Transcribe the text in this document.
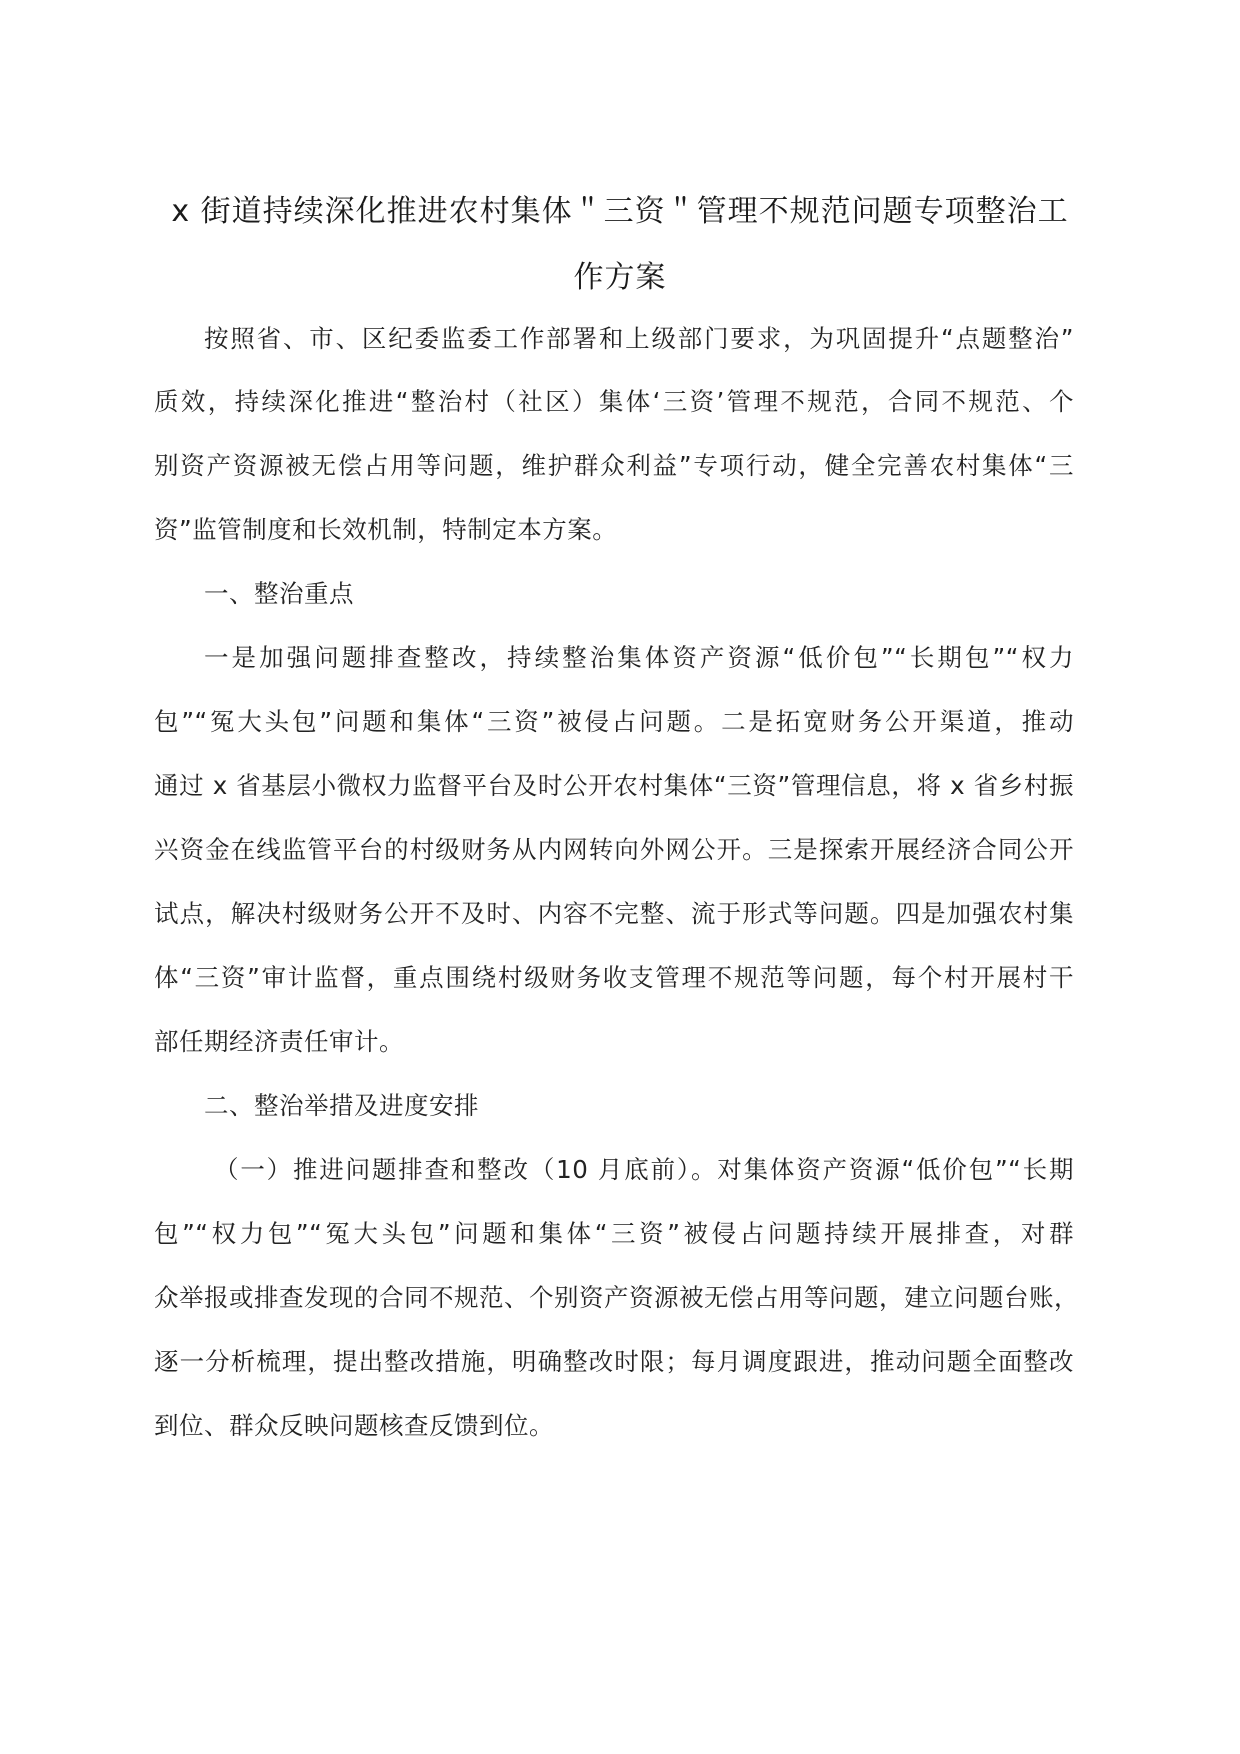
x 街道持续深化推进农村集体＂三资＂管理不规范问题专项整治工
作方案
按照省、市、区纪委监委工作部署和上级部门要求，为巩固提升“点题整治”
质效，持续深化推进“整治村（社区）集体‘三资’管理不规范，合同不规范、个
别资产资源被无偿占用等问题，维护群众利益”专项行动，健全完善农村集体“三
资”监管制度和长效机制，特制定本方案。
一、整治重点
一是加强问题排查整改，持续整治集体资产资源“低价包”“长期包”“权力
包”“冤大头包”问题和集体“三资”被侵占问题。二是拓宽财务公开渠道，推动
通过 x 省基层小微权力监督平台及时公开农村集体“三资”管理信息，将 x 省乡村振
兴资金在线监管平台的村级财务从内网转向外网公开。三是探索开展经济合同公开
试点，解决村级财务公开不及时、内容不完整、流于形式等问题。四是加强农村集
体“三资”审计监督，重点围绕村级财务收支管理不规范等问题，每个村开展村干
部任期经济责任审计。
二、整治举措及进度安排
（一）推进问题排查和整改（10 月底前）。对集体资产资源“低价包”“长期
包”“权力包”“冤大头包”问题和集体“三资”被侵占问题持续开展排查，对群
众举报或排查发现的合同不规范、个别资产资源被无偿占用等问题，建立问题台账，
逐一分析梳理，提出整改措施，明确整改时限；每月调度跟进，推动问题全面整改
到位、群众反映问题核查反馈到位。
